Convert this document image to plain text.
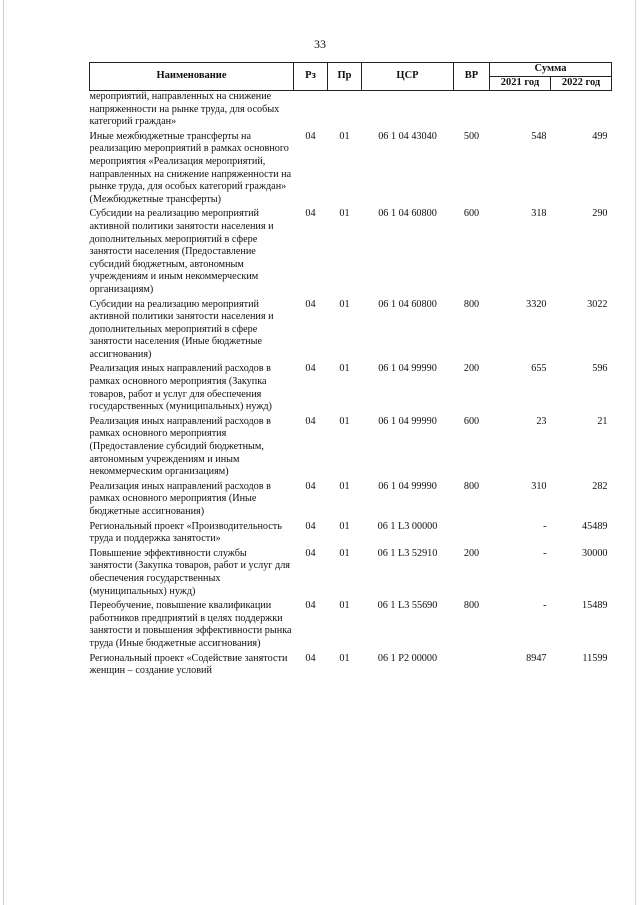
33
Наименование	Рз	Пр	ЦСР	ВР	Сумма	
					2021 год	2022 год
мероприятий, направленных на снижение напряженности на рынке труда, для особых категорий граждан»						
Иные межбюджетные трансферты на реализацию мероприятий в рамках основного мероприятия «Реализация мероприятий, направленных на снижение напряженности на рынке труда, для особых категорий граждан» (Межбюджетные трансферты)	04	01	06 1 04 43040	500	548	499
Субсидии на реализацию мероприятий активной политики занятости населения и дополнительных мероприятий в сфере занятости населения (Предоставление субсидий бюджетным, автономным учреждениям и иным некоммерческим организациям)	04	01	06 1 04 60800	600	318	290
Субсидии на реализацию мероприятий активной политики занятости населения и дополнительных мероприятий в сфере занятости населения (Иные бюджетные ассигнования)	04	01	06 1 04 60800	800	3320	3022
Реализация иных направлений расходов в рамках основного мероприятия (Закупка товаров, работ и услуг для обеспечения государственных (муниципальных) нужд)	04	01	06 1 04 99990	200	655	596
Реализация иных направлений расходов в рамках основного мероприятия (Предоставление субсидий бюджетным, автономным учреждениям и иным некоммерческим организациям)	04	01	06 1 04 99990	600	23	21
Реализация иных направлений расходов в рамках основного мероприятия (Иные бюджетные ассигнования)	04	01	06 1 04 99990	800	310	282
Региональный проект «Производительность труда и поддержка занятости»	04	01	06 1 L3 00000		-	45489
Повышение эффективности службы занятости (Закупка товаров, работ и услуг для обеспечения государственных (муниципальных) нужд)	04	01	06 1 L3 52910	200	-	30000
Переобучение, повышение квалификации работников предприятий в целях поддержки занятости и повышения эффективности рынка труда (Иные бюджетные ассигнования)	04	01	06 1 L3 55690	800	-	15489
Региональный проект «Содействие занятости женщин – создание условий	04	01	06 1 P2 00000		8947	11599
